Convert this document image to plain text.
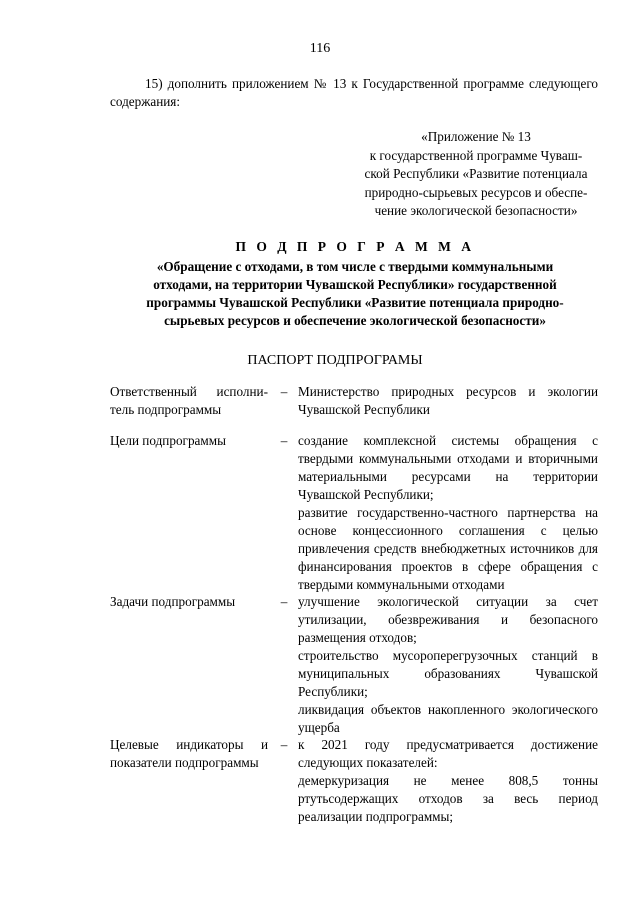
116
15) дополнить приложением № 13 к Государственной программе следующего содержания:
«Приложение № 13
к государственной программе Чуваш-
ской Республики «Развитие потенциала
природно-сырьевых ресурсов и обеспе-
чение экологической безопасности»
П О Д П Р О Г Р А М М А
«Обращение с отходами, в том числе с твердыми коммунальными
отходами, на территории Чувашской Республики» государственной
программы Чувашской Республики «Развитие потенциала природно-
сырьевых ресурсов и обеспечение экологической безопасности»
ПАСПОРТ ПОДПРОГРАМЫ
Ответственный исполни-тель подпрограммы
– Министерство природных ресурсов и экологии Чувашской Республики

Цели подпрограммы	– создание комплексной системы обращения с твердыми коммунальными отходами и вторичными материальными ресурсами на территории Чувашской Республики;

развитие государственно-частного партнерства на основе концессионного соглашения с целью привлечения средств внебюджетных источников для финансирования проектов в сфере обращения с твердыми коммунальными отходами

Задачи подпрограммы	– улучшение экологической ситуации за счет утилизации, обезвреживания и безопасного размещения отходов;

строительство мусороперегрузочных станций в муниципальных образованиях Чувашской Республики;

ликвидация объектов накопленного экологического ущерба

Целевые индикаторы и показатели подпрограммы
– к 2021 году предусматривается достижение следующих показателей:

демеркуризация не менее 808,5 тонны ртутьсодержащих отходов за весь период реализации подпрограммы;
